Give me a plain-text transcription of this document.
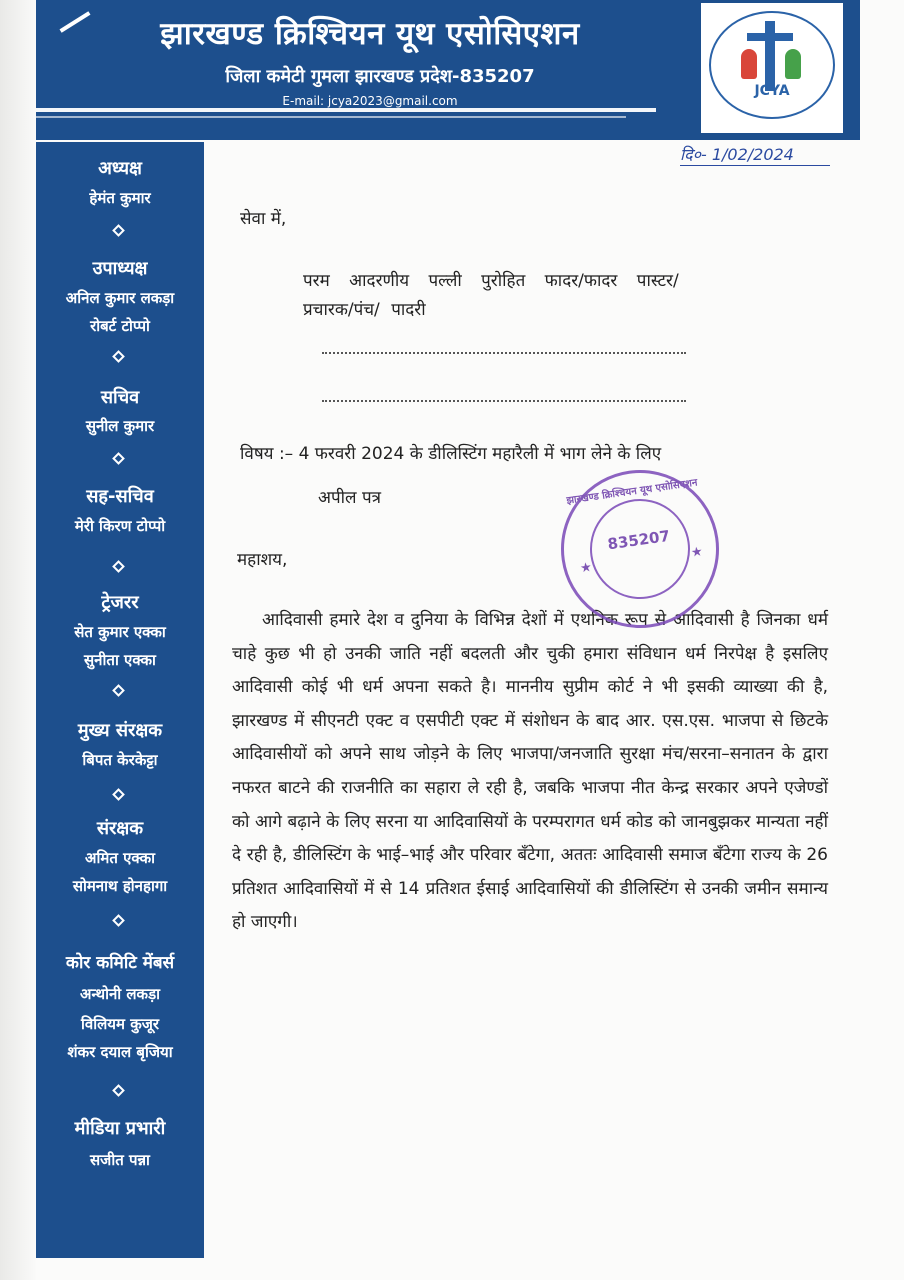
झारखण्ड क्रिश्चियन यूथ एसोसिएशन
जिला कमेटी गुमला झारखण्ड प्रदेश-835207
E-mail: jcya2023@gmail.com
JCYA
दि०- 1/02/2024
अध्यक्ष
हेमंत कुमार
उपाध्यक्ष
अनिल कुमार लकड़ा
रोबर्ट टोप्पो
सचिव
सुनील कुमार
सह-सचिव
मेरी किरण टोप्पो
ट्रेजरर
सेत कुमार एक्का
सुनीता एक्का
मुख्य संरक्षक
बिपत केरकेट्टा
संरक्षक
अमित एक्का
सोमनाथ होनहागा
कोर कमिटि मेंबर्स
अन्थोनी लकड़ा
विलियम कुजूर
शंकर दयाल बृजिया
मीडिया प्रभारी
सजीत पन्ना
सेवा में,
परम आदरणीय पल्ली पुरोहित फादर/फादर पास्टर/
प्रचारक/पंच/ पादरी
विषय :– 4 फरवरी 2024 के डीलिस्टिंग महारैली में भाग लेने के लिए
अपील पत्र
महाशय,
आदिवासी हमारे देश व दुनिया के विभिन्न देशों में एथनिक रूप से आदिवासी है जिनका धर्म चाहे कुछ भी हो उनकी जाति नहीं बदलती और चुकी हमारा संविधान धर्म निरपेक्ष है इसलिए आदिवासी कोई भी धर्म अपना सकते है। माननीय सुप्रीम कोर्ट ने भी इसकी व्याख्या की है, झारखण्ड में सीएनटी एक्ट व एसपीटी एक्ट में संशोधन के बाद आर. एस.एस. भाजपा से छिटके आदिवासीयों को अपने साथ जोड़ने के लिए भाजपा/जनजाति सुरक्षा मंच/सरना–सनातन के द्वारा नफरत बाटने की राजनीति का सहारा ले रही है, जबकि भाजपा नीत केन्द्र सरकार अपने एजेण्डों को आगे बढ़ाने के लिए सरना या आदिवासियों के परम्परागत धर्म कोड को जानबुझकर मान्यता नहीं दे रही है, डीलिस्टिंग के भाई–भाई और परिवार बँटेगा, अततः आदिवासी समाज बँटेगा राज्य के 26 प्रतिशत आदिवासियों में से 14 प्रतिशत ईसाई आदिवासियों की डीलिस्टिंग से उनकी जमीन समान्य हो जाएगी।
झारखण्ड क्रिश्चियन यूथ एसोसिएशन
835207
★
★
